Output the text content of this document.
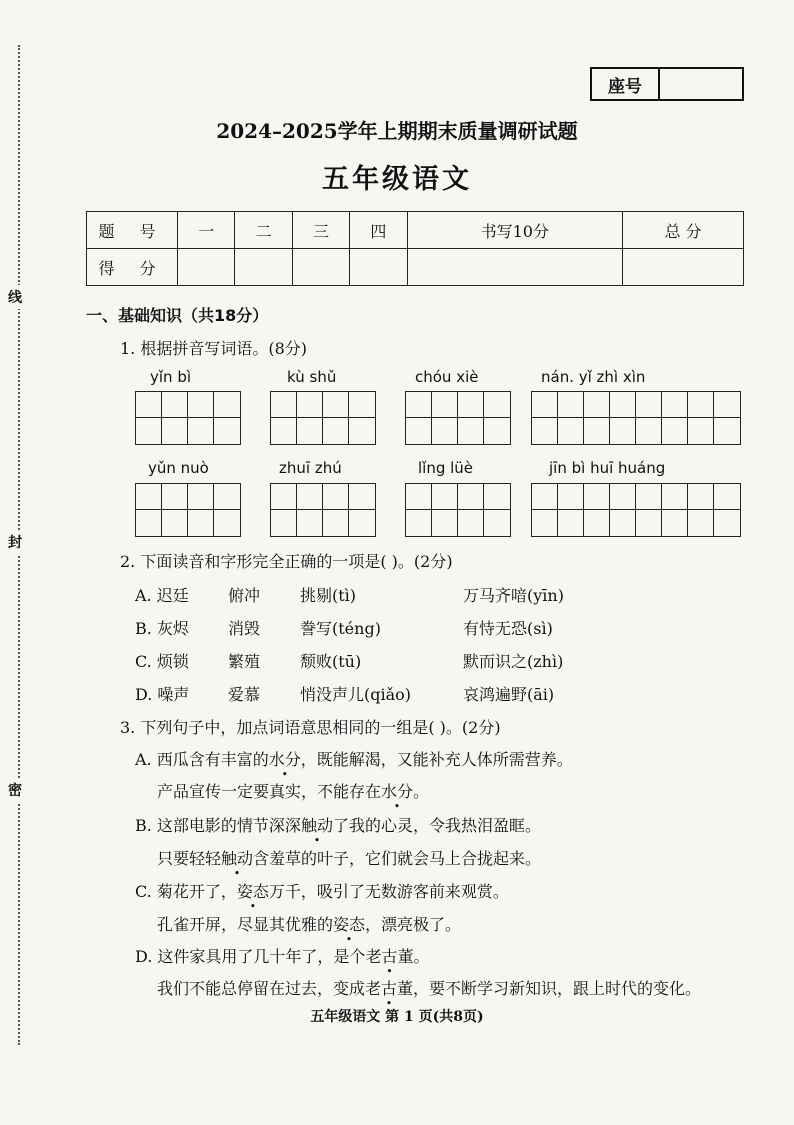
线
封
密
座号
2024–2025学年上期期末质量调研试题
五年级语文
题 号	一	二	三	四	书写10分	总 分
得 分						
一、基础知识（共18分）
1. 根据拼音写词语。(8分)
yǐn bì	kù shǔ	chóu xiè	nán. yǐ zhì xìn
yǔn nuò	zhuī zhú	lǐng lüè	jīn bì huī huáng
2. 下面读音和字形完全正确的一项是( )。(2分)
A. 迟廷 俯冲 挑剔(tì)	万马齐喑(yīn)
B. 灰烬 消毁 誊写(téng)	有恃无恐(sì)
C. 烦锁 繁殖 颓败(tū)	默而识之(zhì)
D. 噪声 爱慕 悄没声儿(qiǎo)	哀鸿遍野(āi)
3. 下列句子中，加点词语意思相同的一组是( )。(2分)
A. 西瓜含有丰富的水分，既能解渴，又能补充人体所需营养。
产品宣传一定要真实，不能存在水分。
B. 这部电影的情节深深触动了我的心灵，令我热泪盈眶。
只要轻轻触动含羞草的叶子，它们就会马上合拢起来。
C. 菊花开了，姿态万千，吸引了无数游客前来观赏。
孔雀开屏，尽显其优雅的姿态，漂亮极了。
D. 这件家具用了几十年了，是个老古董。
我们不能总停留在过去，变成老古董，要不断学习新知识，跟上时代的变化。
五年级语文 第 1 页(共8页)
